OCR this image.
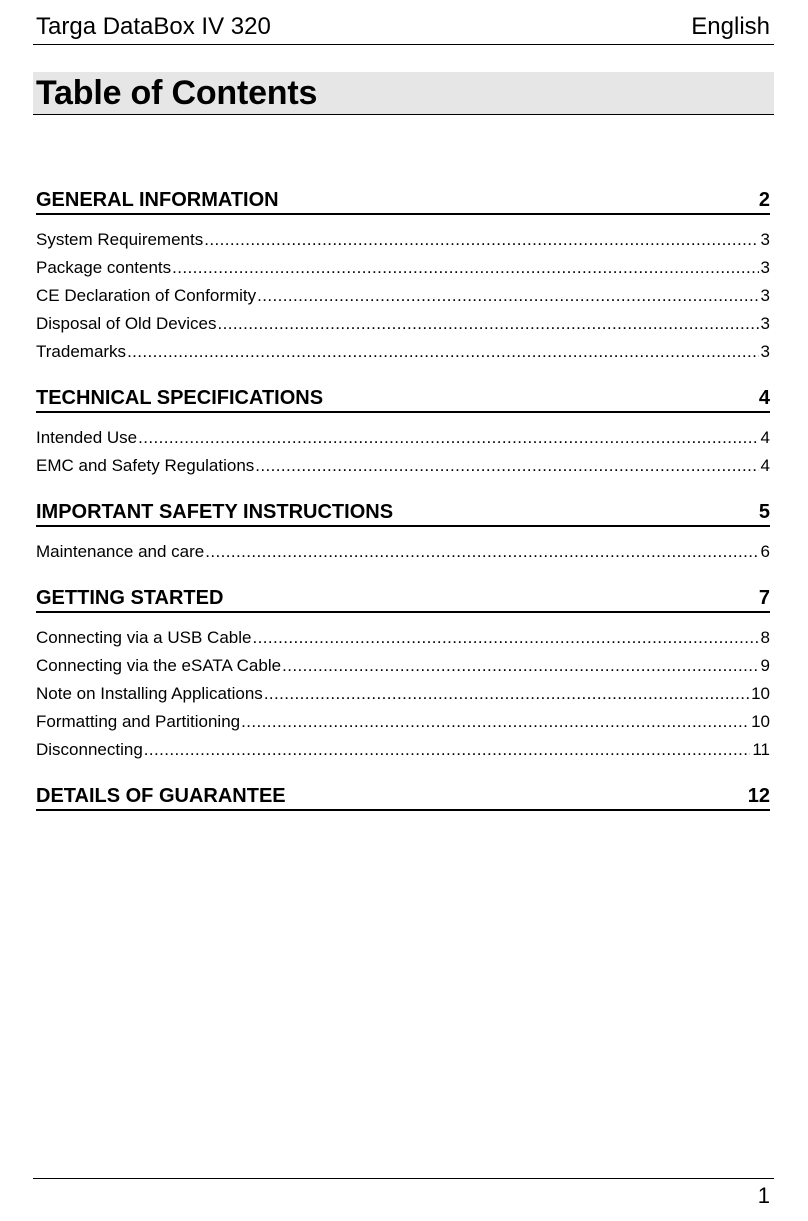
Targa DataBox IV 320	English
Table of Contents
GENERAL INFORMATION	2
System Requirements .....	3
Package contents .....	3
CE Declaration of Conformity .....	3
Disposal of Old Devices .....	3
Trademarks .....	3
TECHNICAL SPECIFICATIONS	4
Intended Use .....	4
EMC and Safety Regulations .....	4
IMPORTANT SAFETY INSTRUCTIONS	5
Maintenance and care .....	6
GETTING STARTED	7
Connecting via a USB Cable .....	8
Connecting via the eSATA Cable .....	9
Note on Installing Applications .....	10
Formatting and Partitioning .....	10
Disconnecting .....	11
DETAILS OF GUARANTEE	12
1
